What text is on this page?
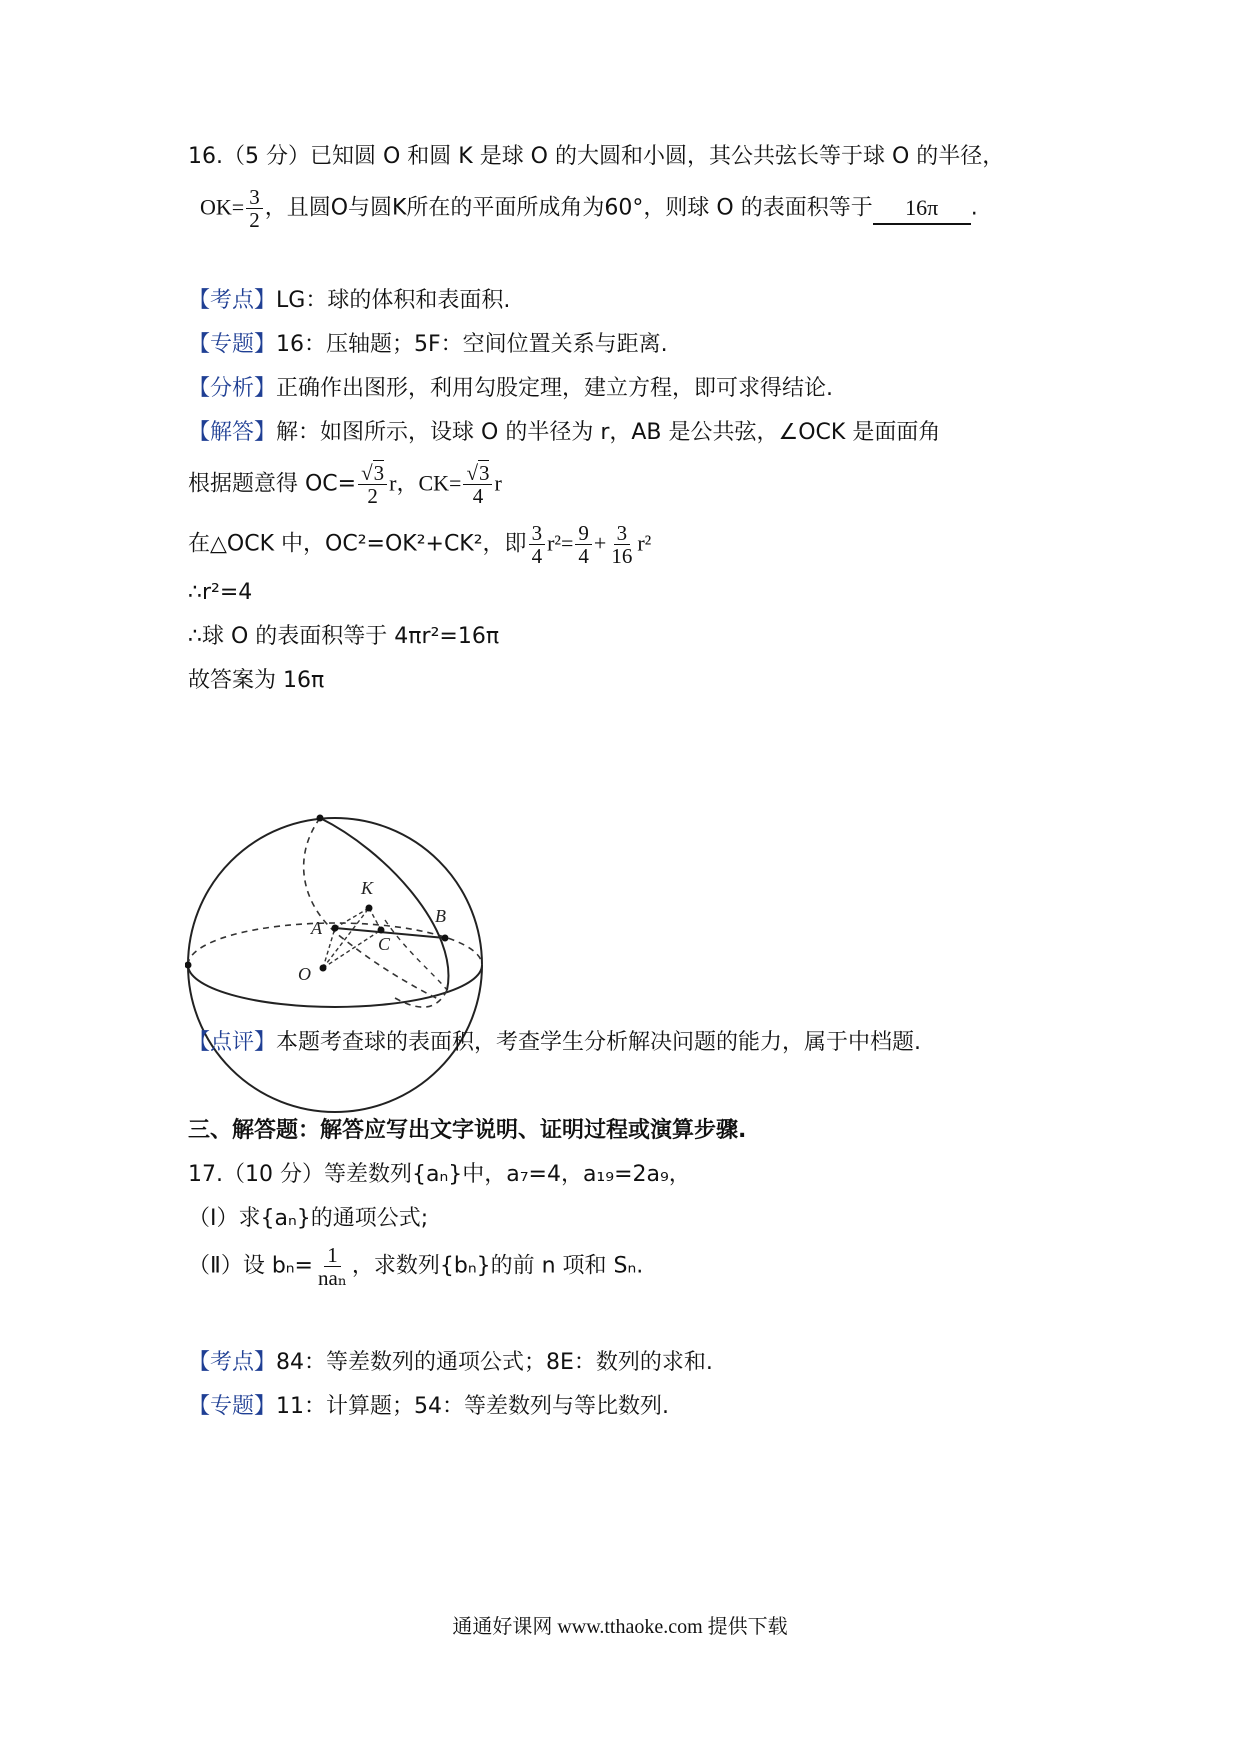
16.（5 分）已知圆 O 和圆 K 是球 O 的大圆和小圆，其公共弦长等于球 O 的半径，
$OK= \frac{3}{2}$ ，且圆O与圆K所在的平面所成角为60°，则球 O 的表面积等于 16π .
【考点】LG：球的体积和表面积.
【专题】16：压轴题；5F：空间位置关系与距离.
【分析】正确作出图形，利用勾股定理，建立方程，即可求得结论.
【解答】解：如图所示，设球 O 的半径为 r，AB 是公共弦，∠OCK 是面面角
根据题意得 $OC= \frac{√3}{2}$ r，$CK= \frac{√3}{4}$ r
在△OCK 中，OC²=OK²+CK²，即 $\frac{3}{4} r^2= \frac{9}{4} + \frac{3}{16} r^2$
∴r²=4
∴球 O 的表面积等于 4πr²=16π
故答案为 16π
K
A
B
C
O
【点评】本题考查球的表面积，考查学生分析解决问题的能力，属于中档题.
三、解答题：解答应写出文字说明、证明过程或演算步骤.
17.（10 分）等差数列{aₙ}中，a₇=4，a₁₉=2a₉，
（Ⅰ）求{aₙ}的通项公式;
（Ⅱ）设 $b_n= \frac{1}{\text{naₙ}}$ ，求数列{bₙ}的前 n 项和 Sₙ.
【考点】84：等差数列的通项公式；8E：数列的求和.
【专题】11：计算题；54：等差数列与等比数列.
通通好课网 www.tthaoke.com 提供下载
